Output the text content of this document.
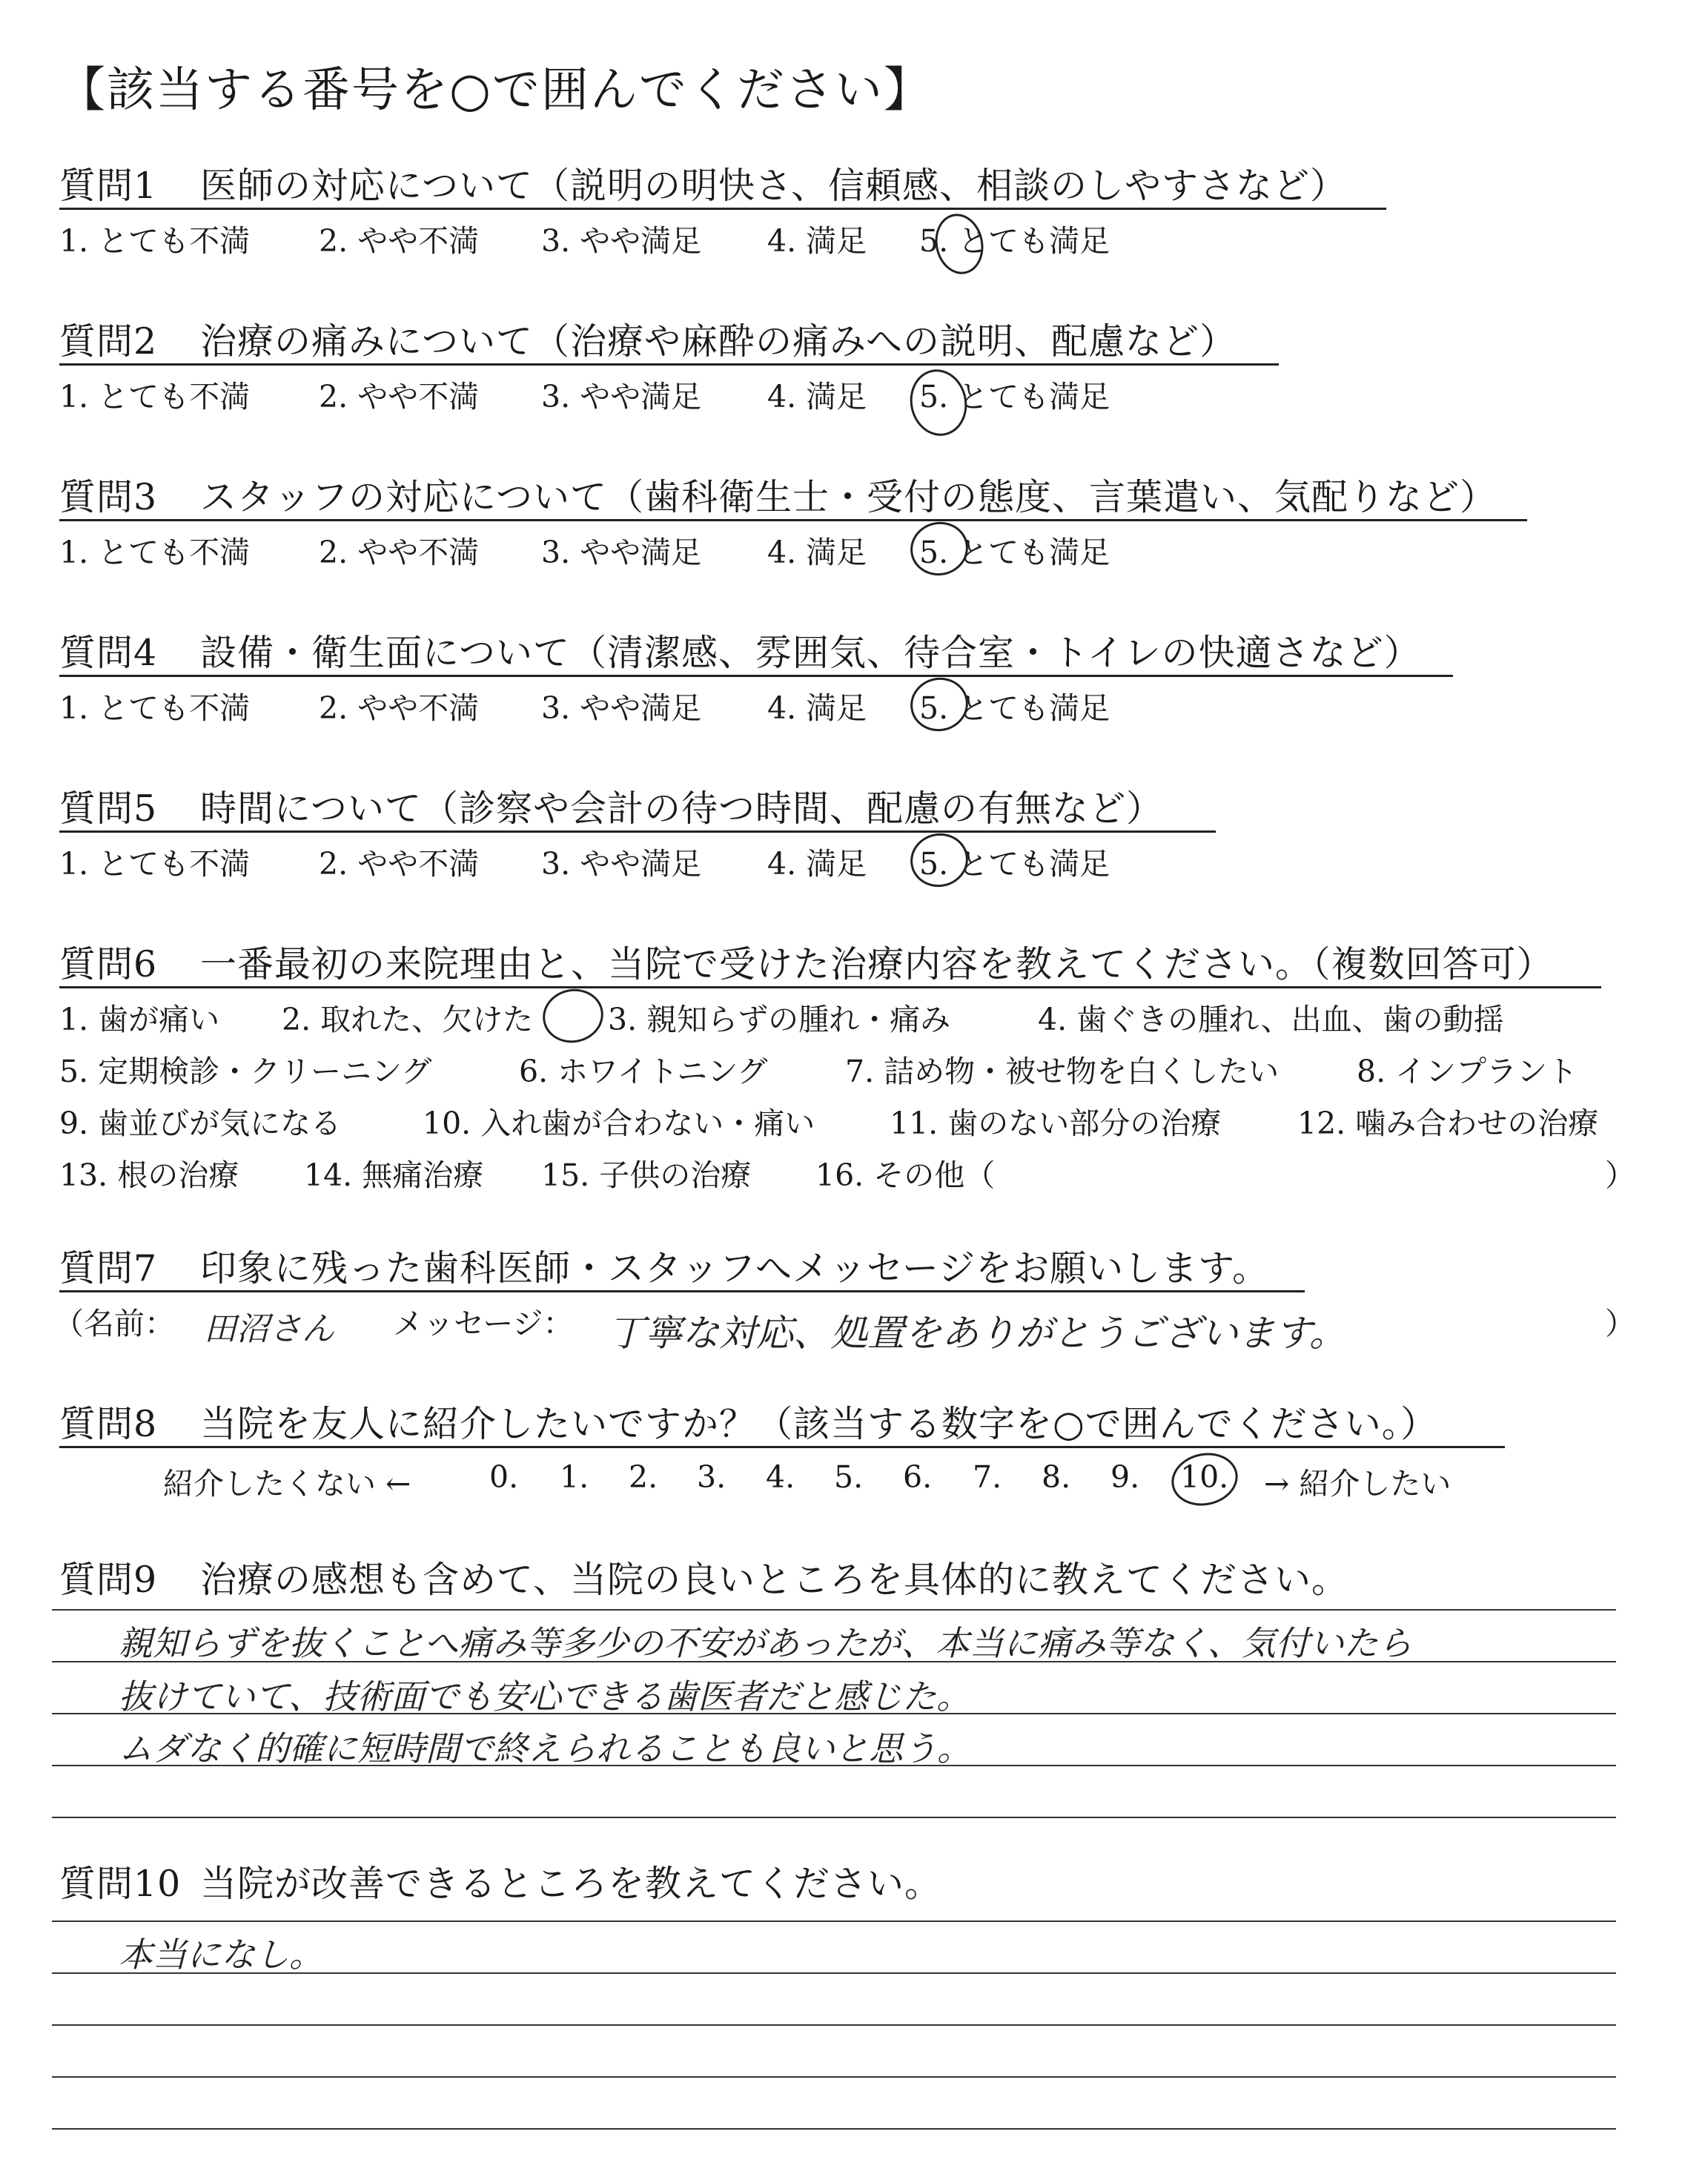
【該当する番号を○で囲んでください】
質問1 医師の対応について（説明の明快さ、信頼感、相談のしやすさなど）
1. とても不満 2. やや不満 3. やや満足 4. 満足 5. とても満足
質問2 治療の痛みについて（治療や麻酔の痛みへの説明、配慮など）
1. とても不満 2. やや不満 3. やや満足 4. 満足 5. とても満足
質問3 スタッフの対応について（歯科衛生士・受付の態度、言葉遣い、気配りなど）
1. とても不満 2. やや不満 3. やや満足 4. 満足 5. とても満足
質問4 設備・衛生面について（清潔感、雰囲気、待合室・トイレの快適さなど）
1. とても不満 2. やや不満 3. やや満足 4. 満足 5. とても満足
質問5 時間について（診察や会計の待つ時間、配慮の有無など）
1. とても不満 2. やや不満 3. やや満足 4. 満足 5. とても満足
質問6 一番最初の来院理由と、当院で受けた治療内容を教えてください。（複数回答可）
1. 歯が痛い 2. 取れた、欠けた 3. 親知らずの腫れ・痛み	4. 歯ぐきの腫れ、出血、歯の動揺
5. 定期検診・クリーニング	6. ホワイトニング	7. 詰め物・被せ物を白くしたい	8. インプラント
9. 歯並びが気になる	10. 入れ歯が合わない・痛い 11. 歯のない部分の治療	12. 噛み合わせの治療
13. 根の治療 14. 無痛治療 15. 子供の治療 16. その他（	）
質問7 印象に残った歯科医師・スタッフへメッセージをお願いします。
（名前： 田沼さん メッセージ： 丁寧な対応、処置をありがとうございます。	）
質問8 当院を友人に紹介したいですか？（該当する数字を○で囲んでください。）
紹介したくない ←	0. 1. 2. 3. 4. 5. 6. 7. 8. 9. 10. → 紹介したい
質問9 治療の感想も含めて、当院の良いところを具体的に教えてください。
親知らずを抜くことへ痛み等多少の不安があったが、本当に痛み等なく、気付いたら
抜けていて、技術面でも安心できる歯医者だと感じた。
ムダなく的確に短時間で終えられることも良いと思う。
質問10 当院が改善できるところを教えてください。
本当になし。
